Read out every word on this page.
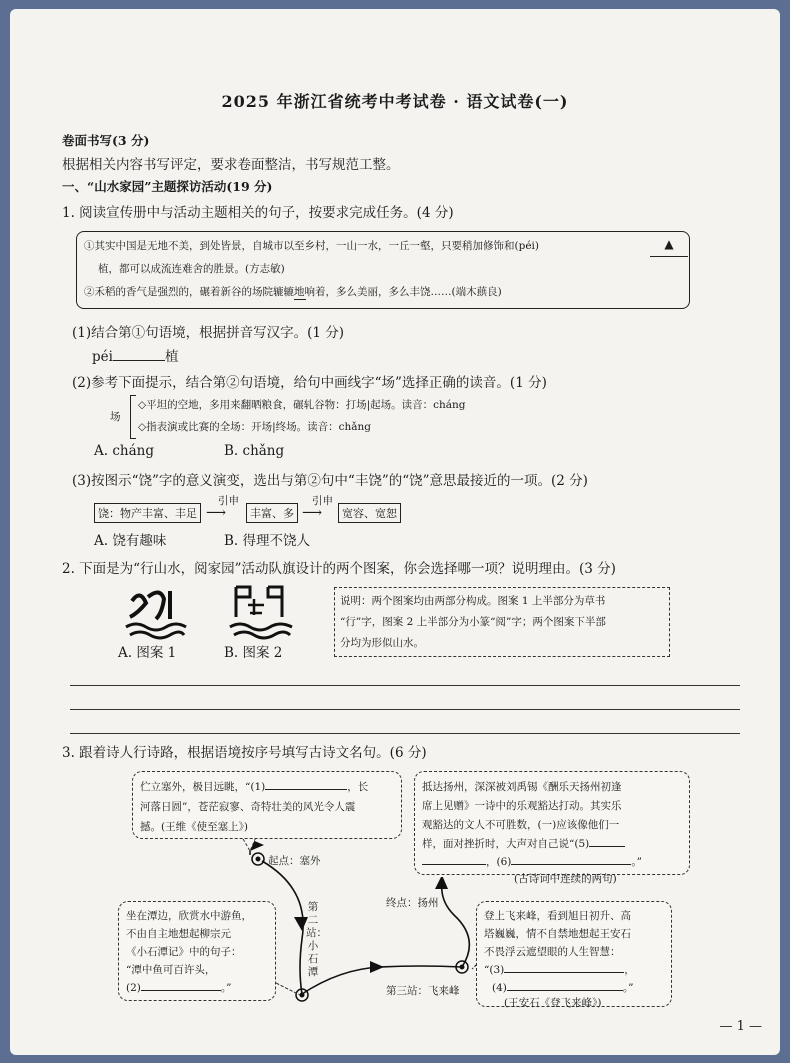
2025 年浙江省统考中考试卷 · 语文试卷(一)
卷面书写(3 分)
根据相关内容书写评定，要求卷面整洁，书写规范工整。
一、“山水家园”主题探访活动(19 分)
1. 阅读宣传册中与活动主题相关的句子，按要求完成任务。(4 分)
①其实中国是无地不美，到处皆景，自城市以至乡村，一山一水，一丘一壑，只要稍加修饰和(péi)	▲
植，都可以成流连难舍的胜景。(方志敏)
②禾稻的香气是强烈的，碾着新谷的场院辘辘地响着，多么美丽，多么丰饶……(端木蕻良)
(1)结合第①句语境，根据拼音写汉字。(1 分)
péi	植
(2)参考下面提示，结合第②句语境，给句中画线字“场”选择正确的读音。(1 分)
场
◇平坦的空地，多用来翻晒粮食，碾轧谷物：打场|起场。读音：cháng
◇指表演或比赛的全场：开场|终场。读音：chǎng
A. cháng	B. chǎng
(3)按图示“饶”字的意义演变，选出与第②句中“丰饶”的“饶”意思最接近的一项。(2 分)
饶：物产丰富、丰足
引申
⟶	丰富、多
引申
⟶	宽容、宽恕
A. 饶有趣味	B. 得理不饶人
2. 下面是为“行山水，阅家园”活动队旗设计的两个图案，你会选择哪一项？说明理由。(3 分)
A. 图案 1	B. 图案 2
说明：两个图案均由两部分构成。图案 1 上半部分为草书
“行”字，图案 2 上半部分为小篆“阅”字；两个图案下半部
分均为形似山水。
3. 跟着诗人行诗路，根据语境按序号填写古诗文名句。(6 分)
伫立塞外，极目远眺，“(1)	，长
河落日圆”，苍茫寂寥、奇特壮美的风光令人震
撼。(王维《使至塞上》)
起点：塞外
抵达扬州，深深被刘禹锡《酬乐天扬州初逢
席上见赠》一诗中的乐观豁达打动。其实乐
观豁达的文人不可胜数，(一)应该像他们一
样，面对挫折时，大声对自己说“(5)
，(6)	。”
(古诗词中连续的两句)
终点：扬州
坐在潭边，欣赏水中游鱼，
不由自主地想起柳宗元
《小石潭记》中的句子：
“潭中鱼可百许头，
(2)	。”
第二站：小石潭
登上飞来峰，看到旭日初升、高
塔巍巍，情不自禁地想起王安石
不畏浮云遮望眼的人生智慧：
“(3)	，
(4)	。”
(王安石《登飞来峰》)
第三站：飞来峰
— 1 —
